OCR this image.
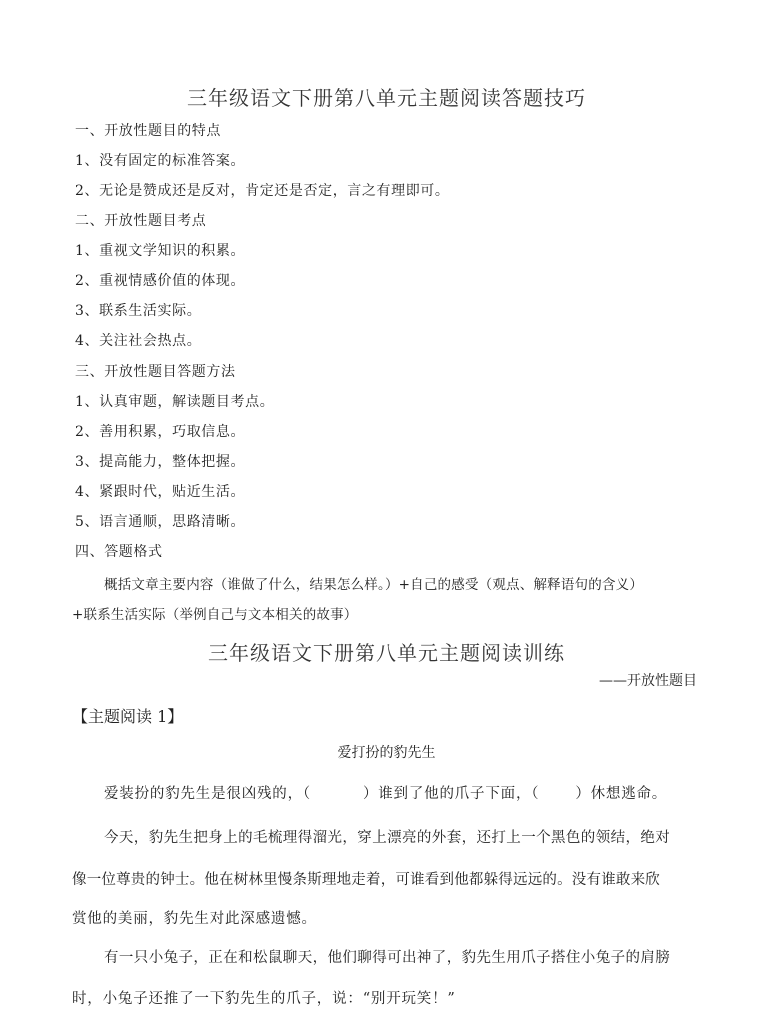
三年级语文下册第八单元主题阅读答题技巧
一、开放性题目的特点
1、没有固定的标准答案。
2、无论是赞成还是反对，肯定还是否定，言之有理即可。
二、开放性题目考点
1、重视文学知识的积累。
2、重视情感价值的体现。
3、联系生活实际。
4、关注社会热点。
三、开放性题目答题方法
1、认真审题，解读题目考点。
2、善用积累，巧取信息。
3、提高能力，整体把握。
4、紧跟时代，贴近生活。
5、语言通顺，思路清晰。
四、答题格式
概括文章主要内容（谁做了什么，结果怎么样。）+自己的感受（观点、解释语句的含义）
+联系生活实际（举例自己与文本相关的故事）
三年级语文下册第八单元主题阅读训练
——开放性题目
【主题阅读 1】
爱打扮的豹先生
爱装扮的豹先生是很凶残的，（	）谁到了他的爪子下面，（ ）休想逃命。
今天，豹先生把身上的毛梳理得溜光，穿上漂亮的外套，还打上一个黑色的领结，绝对
像一位尊贵的钟士。他在树林里慢条斯理地走着，可谁看到他都躲得远远的。没有谁敢来欣
赏他的美丽，豹先生对此深感遗憾。
有一只小兔子，正在和松鼠聊天，他们聊得可出神了，豹先生用爪子搭住小兔子的肩膀
时，小兔子还推了一下豹先生的爪子，说：“别开玩笑！”
